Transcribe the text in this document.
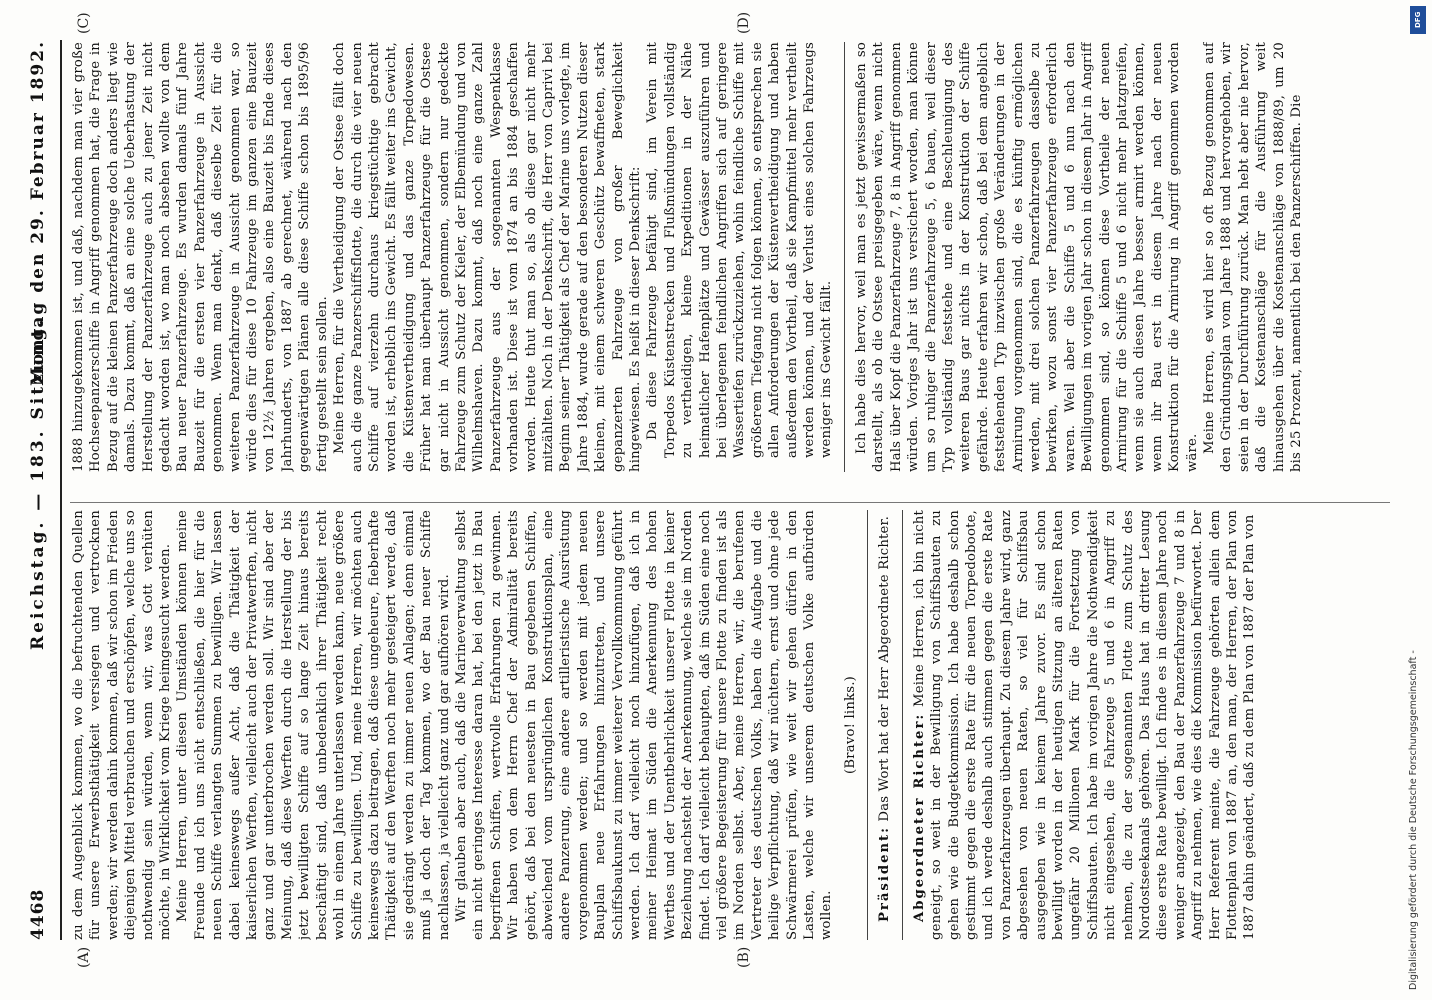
4468
Reichstag. — 183. Sitzung.
Montag den 29. Februar 1892.

zu dem Augenblick kommen, wo die befruchtenden Quellen für unsere Erwerbsthätigkeit versiegen und vertrocknen werden; wir werden dahin kommen, daß wir schon im Frieden diejenigen Mittel verbrauchen und erschöpfen, welche uns so nothwendig sein würden, wenn wir, was Gott verhüten möchte, in Wirklichkeit vom Kriege heimgesucht werden. Meine Herren, unter diesen Umständen können meine Freunde und ich uns nicht entschließen, die hier für die neuen Schiffe verlangten Summen zu bewilligen. Wir lassen dabei keineswegs außer Acht, daß die Thätigkeit der kaiserlichen Werften, vielleicht auch der Privatwerften, nicht ganz und gar unterbrochen werden soll. Wir sind aber der Meinung, daß diese Werften durch die Herstellung der bis jetzt bewilligten Schiffe auf so lange Zeit hinaus bereits beschäftigt sind, daß unbedenklich ihrer Thätigkeit recht wohl in einem Jahre unterlassen werden kann, neue größere Schiffe zu bewilligen. Und, meine Herren, wir möchten auch keineswegs dazu beitragen, daß diese ungeheure, fieberhafte Thätigkeit auf den Werften noch mehr gesteigert werde, daß sie gedrängt werden zu immer neuen Anlagen; denn einmal muß ja doch der Tag kommen, wo der Bau neuer Schiffe nachlassen, ja vielleicht ganz und gar aufhören wird. Wir glauben aber auch, daß die Marineverwaltung selbst ein nicht geringes Interesse daran hat, bei den jetzt in Bau begriffenen Schiffen, wertvolle Erfahrungen zu gewinnen. Wir haben von dem Herrn Chef der Admiralität bereits gehört, daß bei den neuesten in Bau gegebenen Schiffen, abweichend vom ursprünglichen Konstruktionsplan, eine andere Panzerung, eine andere artilleristische Ausrüstung vorgenommen werden; und so werden mit jedem neuen Bauplan neue Erfahrungen hinzutreten, und unsere Schiffsbaukunst zu immer weiterer Vervollkommnung geführt werden. Ich darf vielleicht noch hinzufügen, daß ich in meiner Heimat im Süden die Anerkennung des hohen Werthes und der Unentbehrlichkeit unserer Flotte in keiner Beziehung nachsteht der Anerkennung, welche sie im Norden findet. Ich darf vielleicht behaupten, daß im Süden eine noch viel größere Begeisterung für unsere Flotte zu finden ist als im Norden selbst. Aber, meine Herren, wir, die berufenen Vertreter des deutschen Volks, haben die Aufgabe und die heilige Verpflichtung, daß wir nüchtern, ernst und ohne jede Schwärmerei prüfen, wie weit wir gehen dürfen in den Lasten, welche wir unserem deutschen Volke aufbürden wollen.

(Bravo! links.)

Präsident: Das Wort hat der Herr Abgeordnete Richter. Abgeordneter Richter: Meine Herren, ich bin nicht geneigt, so weit in der Bewilligung von Schiffsbauten zu gehen wie die Budgetkommission. Ich habe deshalb schon gestimmt gegen die erste Rate für die neuen Torpedoboote, und ich werde deshalb auch stimmen gegen die erste Rate von Panzerfahrzeugen überhaupt. Zu diesem Jahre wird, ganz abgesehen von neuen Raten, so viel für Schiffsbau ausgegeben wie in keinem Jahre zuvor. Es sind schon bewilligt worden in der heutigen Sitzung an älteren Raten ungefähr 20 Millionen Mark für die Fortsetzung von Schiffsbauten. Ich habe im vorigen Jahre die Nothwendigkeit nicht eingesehen, die Fahrzeuge 5 und 6 in Angriff zu nehmen, die zu der sogenannten Flotte zum Schutz des Nordostseekanals gehören. Das Haus hat in dritter Lesung diese erste Rate bewilligt. Ich finde es in diesem Jahre noch weniger angezeigt, den Bau der Panzerfahrzeuge 7 und 8 in Angriff zu nehmen, wie dies die Kommission befürwortet. Der Herr Referent meinte, die Fahrzeuge gehörten allein dem Flottenplan von 1887 an, den man, der Herren, der Plan von 1887 dahin geändert, daß zu dem Plan von 1887 der Plan von

(A)	(B)
(C)	(D)

1888 hinzugekommen ist, und daß, nachdem man vier große Hochseepanzerschiffe in Angriff genommen hat, die Frage in Bezug auf die kleinen Panzerfahrzeuge doch anders liegt wie damals. Dazu kommt, daß an eine solche Ueberhastung der Herstellung der Panzerfahrzeuge auch zu jener Zeit nicht gedacht worden ist, wo man noch absehen wollte von dem Bau neuer Panzerfahrzeuge. Es wurden damals fünf Jahre Bauzeit für die ersten vier Panzerfahrzeuge in Aussicht genommen. Wenn man denkt, daß dieselbe Zeit für die weiteren Panzerfahrzeuge in Aussicht genommen war, so würde dies für diese 10 Fahrzeuge im ganzen eine Bauzeit von 12½ Jahren ergeben, also eine Bauzeit bis Ende dieses Jahrhunderts, von 1887 ab gerechnet, während nach den gegenwärtigen Plänen alle diese Schiffe schon bis 1895/96 fertig gestellt sein sollen. Meine Herren, für die Vertheidigung der Ostsee fällt doch auch die ganze Panzerschiffsflotte, die durch die vier neuen Schiffe auf vierzehn durchaus kriegstüchtige gebracht worden ist, erheblich ins Gewicht. Es fällt weiter ins Gewicht, die Küstenvertheidigung und das ganze Torpedowesen. Früher hat man überhaupt Panzerfahrzeuge für die Ostsee gar nicht in Aussicht genommen, sondern nur gedeckte Fahrzeuge zum Schutz der Kieler, der Elbemündung und von Wilhelmshaven. Dazu kommt, daß noch eine ganze Zahl Panzerfahrzeuge aus der sogenannten Wespenklasse vorhanden ist. Diese ist vom 1874 an bis 1884 geschaffen worden. Heute thut man so, als ob diese gar nicht mehr mitzählten. Noch in der Denkschrift, die Herr von Caprivi bei Beginn seiner Thätigkeit als Chef der Marine uns vorlegte, im Jahre 1884, wurde gerade auf den besonderen Nutzen dieser kleinen, mit einem schweren Geschütz bewaffneten, stark gepanzerten Fahrzeuge von großer Beweglichkeit hingewiesen. Es heißt in dieser Denkschrift: Da diese Fahrzeuge befähigt sind, im Verein mit Torpedos Küstenstrecken und Flußmündungen vollständig zu vertheidigen, kleine Expeditionen in der Nähe heimatlicher Hafenplätze und Gewässer auszuführen und bei überlegenen feindlichen Angriffen sich auf geringere Wassertiefen zurückzuziehen, wohin feindliche Schiffe mit größerem Tiefgang nicht folgen können, so entsprechen sie allen Anforderungen der Küstenvertheidigung und haben außerdem den Vortheil, daß sie Kampfmittel mehr vertheilt werden können, und der Verlust eines solchen Fahrzeugs weniger ins Gewicht fällt. Ich habe dies hervor, weil man es jetzt gewissermaßen so darstellt, als ob die Ostsee preisgegeben wäre, wenn nicht Hals über Kopf die Panzerfahrzeuge 7, 8 in Angriff genommen würden. Voriges Jahr ist uns versichert worden, man könne um so ruhiger die Panzerfahrzeuge 5, 6 bauen, weil dieser Typ vollständig feststehe und eine Beschleunigung des weiteren Baus gar nichts in der Konstruktion der Schiffe gefährde. Heute erfahren wir schon, daß bei dem angeblich feststehenden Typ inzwischen große Veränderungen in der Armirung vorgenommen sind, die es künftig ermöglichen werden, mit drei solchen Panzerfahrzeugen dasselbe zu bewirken, wozu sonst vier Panzerfahrzeuge erforderlich waren. Weil aber die Schiffe 5 und 6 nun nach den Bewilligungen im vorigen Jahr schon in diesem Jahr in Angriff genommen sind, so können diese Vortheile der neuen Armirung für die Schiffe 5 und 6 nicht mehr platzgreifen, wenn sie auch diesen Jahre besser armirt werden können, wenn ihr Bau erst in diesem Jahre nach der neuen Konstruktion für die Armirung in Angriff genommen worden wäre. Meine Herren, es wird hier so oft Bezug genommen auf den Gründungsplan vom Jahre 1888 und hervorgehoben, wir seien in der Durchführung zurück. Man hebt aber nie hervor, daß die Kostenanschläge für die Ausführung weit hinausgehen über die Kostenanschläge von 1888/89, um 20 bis 25 Prozent, namentlich bei den Panzerschiffen. Die

DFG
Digitalisierung gefördert durch die Deutsche Forschungsgemeinschaft -
